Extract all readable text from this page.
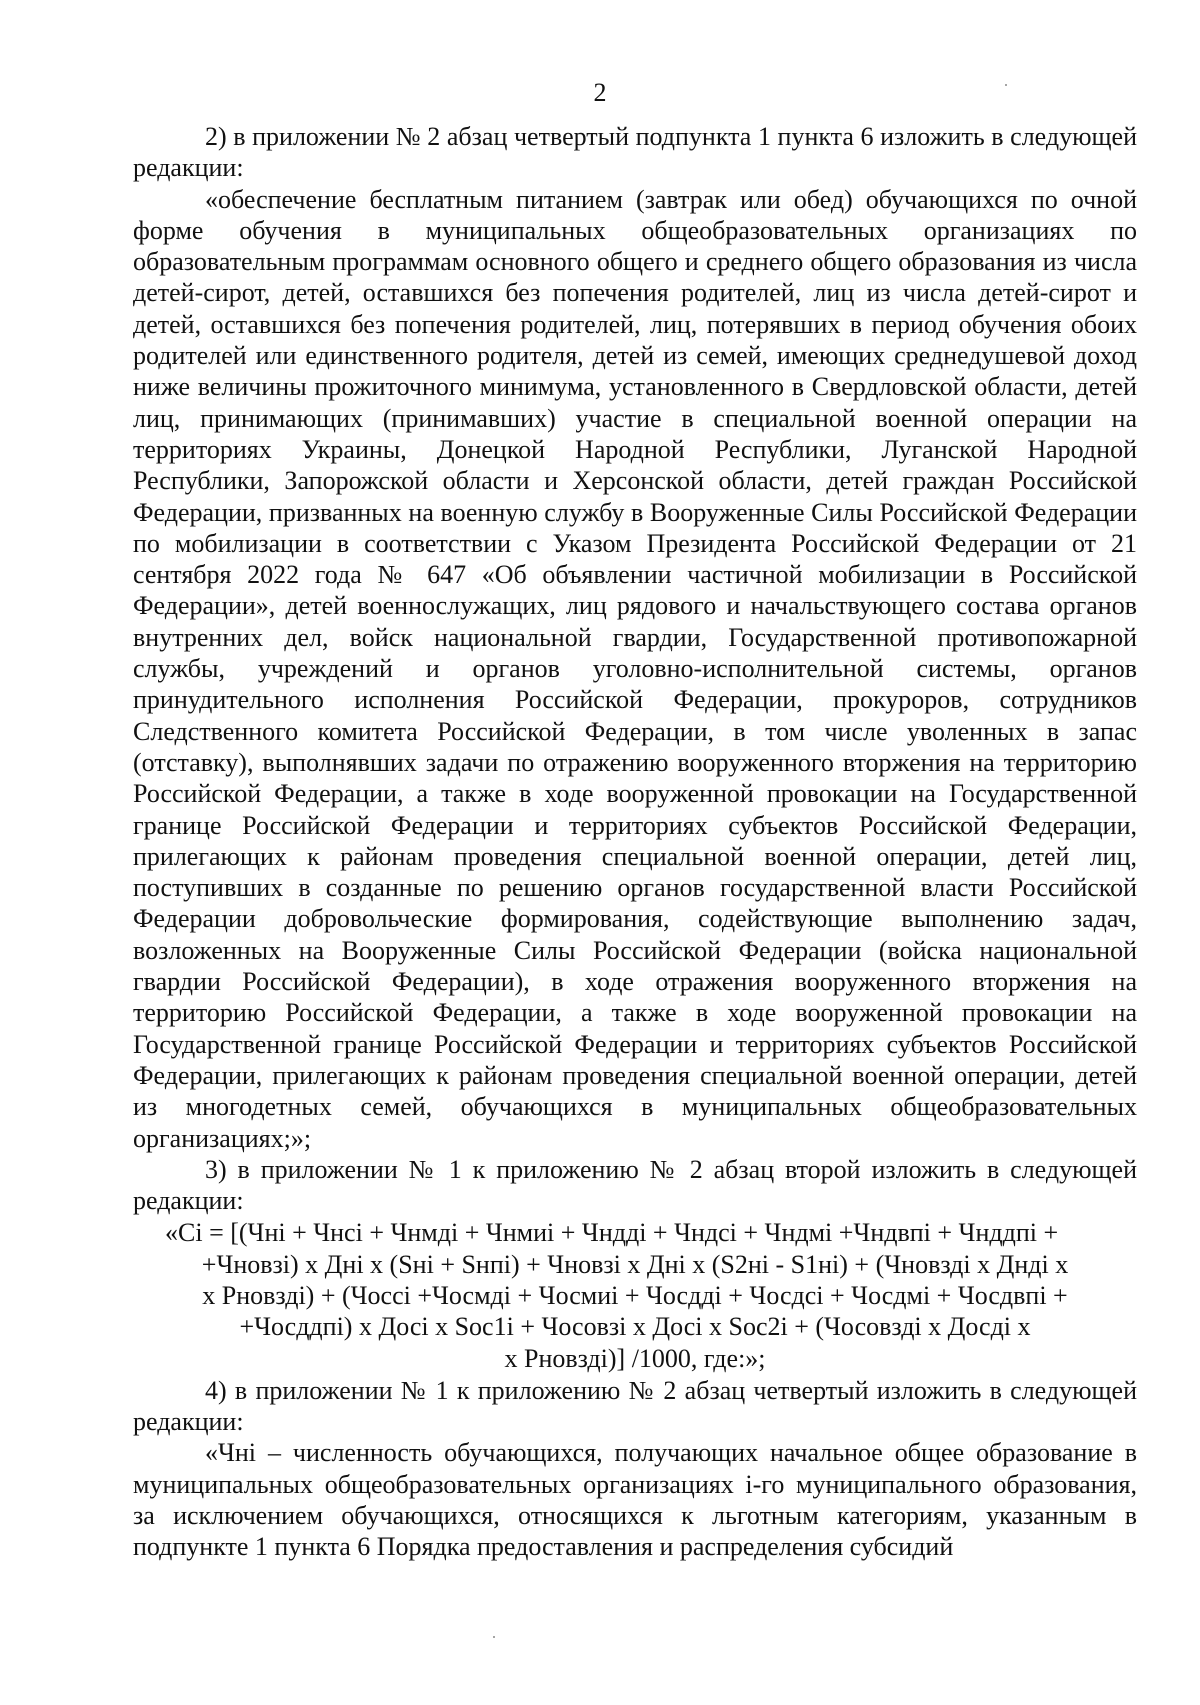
2

2) в приложении № 2 абзац четвертый подпункта 1 пункта 6 изложить в следующей редакции:

«обеспечение бесплатным питанием (завтрак или обед) обучающихся по очной форме обучения в муниципальных общеобразовательных организациях по образовательным программам основного общего и среднего общего образования из числа детей-сирот, детей, оставшихся без попечения родителей, лиц из числа детей-сирот и детей, оставшихся без попечения родителей, лиц, потерявших в период обучения обоих родителей или единственного родителя, детей из семей, имеющих среднедушевой доход ниже величины прожиточного минимума, установленного в Свердловской области, детей лиц, принимающих (принимавших) участие в специальной военной операции на территориях Украины, Донецкой Народной Республики, Луганской Народной Республики, Запорожской области и Херсонской области, детей граждан Российской Федерации, призванных на военную службу в Вооруженные Силы Российской Федерации по мобилизации в соответствии с Указом Президента Российской Федерации от 21 сентября 2022 года № 647 «Об объявлении частичной мобилизации в Российской Федерации», детей военнослужащих, лиц рядового и начальствующего состава органов внутренних дел, войск национальной гвардии, Государственной противопожарной службы, учреждений и органов уголовно-исполнительной системы, органов принудительного исполнения Российской Федерации, прокуроров, сотрудников Следственного комитета Российской Федерации, в том числе уволенных в запас (отставку), выполнявших задачи по отражению вооруженного вторжения на территорию Российской Федерации, а также в ходе вооруженной провокации на Государственной границе Российской Федерации и территориях субъектов Российской Федерации, прилегающих к районам проведения специальной военной операции, детей лиц, поступивших в созданные по решению органов государственной власти Российской Федерации добровольческие формирования, содействующие выполнению задач, возложенных на Вооруженные Силы Российской Федерации (войска национальной гвардии Российской Федерации), в ходе отражения вооруженного вторжения на территорию Российской Федерации, а также в ходе вооруженной провокации на Государственной границе Российской Федерации и территориях субъектов Российской Федерации, прилегающих к районам проведения специальной военной операции, детей из многодетных семей, обучающихся в муниципальных общеобразовательных организациях;»;

3) в приложении № 1 к приложению № 2 абзац второй изложить в следующей редакции:

«Ci = [(Чнi + Чнсi + Чнмдi + Чнмиi + Чнддi + Чндсi + Чндмi +Чндвпi + Чнддпi +
+Чновзi) x Днi x (Sнi + Sнпi) + Чновзi x Днi x (S2нi - S1нi) + (Чновздi x Днді x
x Рновздi) + (Чоcсi +Чосмдi + Чосмиi + Чосддi + Чосдсi + Чосдмi + Чосдвпi +
+Чосддпi) x Досi x Soc1i + Чосовзi x Досi x Soc2i + (Чосовздi x Досдi x
x Рновздi)] /1000, где:»;

4) в приложении № 1 к приложению № 2 абзац четвертый изложить в следующей редакции:

«Чнi – численность обучающихся, получающих начальное общее образование в муниципальных общеобразовательных организациях i-го муниципального образования, за исключением обучающихся, относящихся к льготным категориям, указанным в подпункте 1 пункта 6 Порядка предоставления и распределения субсидий
